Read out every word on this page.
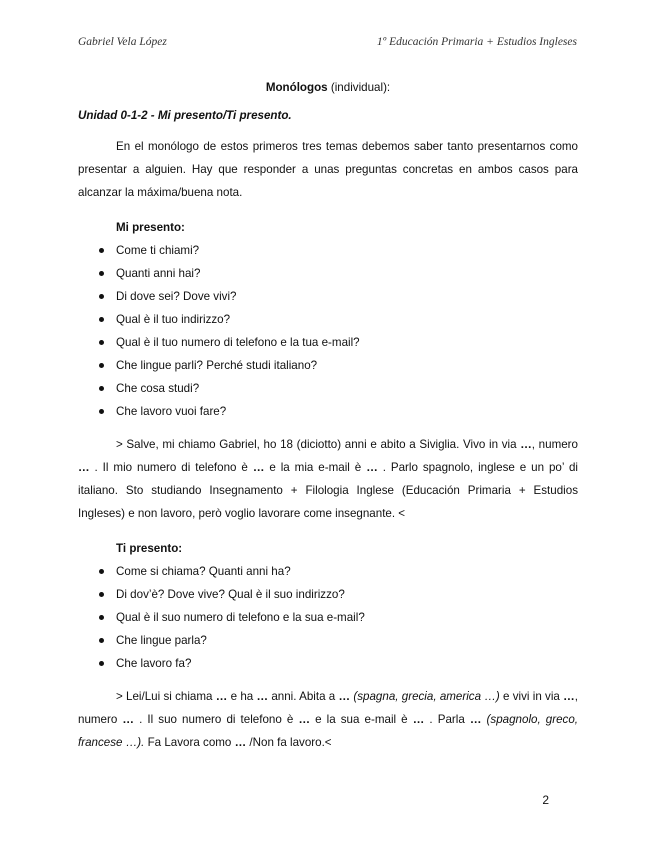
Gabriel Vela López	1º Educación Primaria + Estudios Ingleses

Monólogos (individual):

Unidad 0-1-2 - Mi presento/Ti presento.

En el monólogo de estos primeros tres temas debemos saber tanto presentarnos como presentar a alguien. Hay que responder a unas preguntas concretas en ambos casos para alcanzar la máxima/buena nota.

Mi presento:

Come ti chiami?
Quanti anni hai?
Di dove sei? Dove vivi?
Qual è il tuo indirizzo?
Qual è il tuo numero di telefono e la tua e-mail?
Che lingue parli? Perché studi italiano?
Che cosa studi?
Che lavoro vuoi fare?

> Salve, mi chiamo Gabriel, ho 18 (diciotto) anni e abito a Siviglia. Vivo in via …, numero … . Il mio numero di telefono è … e la mia e-mail è … . Parlo spagnolo, inglese e un po’ di italiano. Sto studiando Insegnamento + Filologia Inglese (Educación Primaria + Estudios Ingleses) e non lavoro, però voglio lavorare come insegnante. <

Ti presento:

Come si chiama? Quanti anni ha?
Di dov’è? Dove vive? Qual è il suo indirizzo?
Qual è il suo numero di telefono e la sua e-mail?
Che lingue parla?
Che lavoro fa?

> Lei/Lui si chiama … e ha … anni. Abita a … (spagna, grecia, america …) e vivi in via …, numero … . Il suo numero di telefono è … e la sua e-mail è … . Parla … (spagnolo, greco, francese …). Fa Lavora como … /Non fa lavoro.<

2
